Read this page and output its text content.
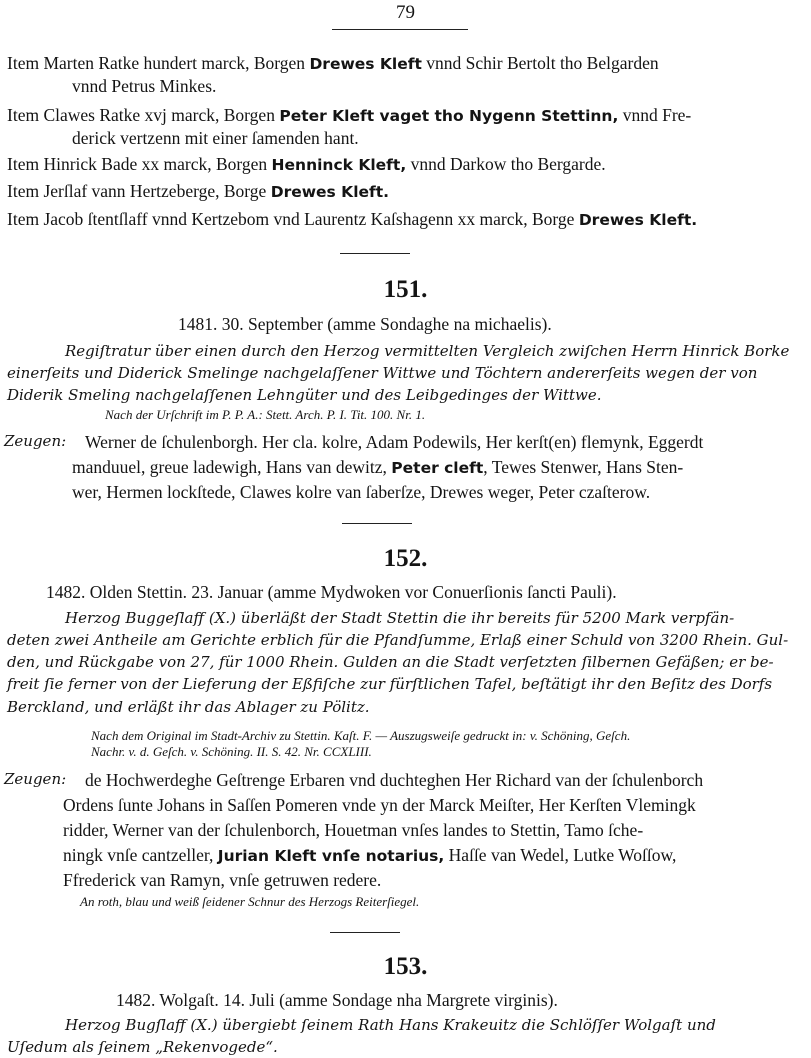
79
Item Marten Ratke hundert marck, Borgen Drewes Kleft vnnd Schir Bertolt tho Belgarden
vnnd Petrus Minkes.
Item Clawes Ratke xvj marck, Borgen Peter Kleft vaget tho Nygenn Stettinn, vnnd Fre-
derick vertzenn mit einer ſamenden hant.
Item Hinrick Bade xx marck, Borgen Henninck Kleft, vnnd Darkow tho Bergarde.
Item Jerſlaf vann Hertzeberge, Borge Drewes Kleft.
Item Jacob ſtentſlaff vnnd Kertzebom vnd Laurentz Kaſshagenn xx marck, Borge Drewes Kleft.
151.
1481. 30. September (amme Sondaghe na michaelis).
Regiſtratur über einen durch den Herzog vermittelten Vergleich zwiſchen Herrn Hinrick Borke
einerſeits und Diderick Smelinge nachgelaſſener Wittwe und Töchtern andererſeits wegen der von
Diderik Smeling nachgelaſſenen Lehngüter und des Leibgedinges der Wittwe.
Nach der Urſchrift im P. P. A.: Stett. Arch. P. I. Tit. 100. Nr. 1.
Zeugen: Werner de ſchulenborgh. Her cla. kolre, Adam Podewils, Her kerſt(en) flemynk, Eggerdt
manduuel, greue ladewigh, Hans van dewitz, Peter cleft, Tewes Stenwer, Hans Sten-
wer, Hermen lockſtede, Clawes kolre van ſaberſze, Drewes weger, Peter czaſterow.
152.
1482. Olden Stettin. 23. Januar (amme Mydwoken vor Conuerſionis ſancti Pauli).
Herzog Buggeſlaff (X.) überläßt der Stadt Stettin die ihr bereits für 5200 Mark verpfän-
deten zwei Antheile am Gerichte erblich für die Pfandſumme, Erlaß einer Schuld von 3200 Rhein. Gul-
den, und Rückgabe von 27, für 1000 Rhein. Gulden an die Stadt verſetzten ſilbernen Gefäßen; er be-
freit ſie ferner von der Lieferung der Eßfiſche zur fürſtlichen Tafel, beſtätigt ihr den Beſitz des Dorfs
Berckland, und erläßt ihr das Ablager zu Pölitz.
Nach dem Original im Stadt-Archiv zu Stettin. Kaſt. F. — Auszugsweiſe gedruckt in: v. Schöning, Geſch.
Nachr. v. d. Geſch. v. Schöning. II. S. 42. Nr. CCXLIII.
Zeugen: de Hochwerdeghe Geſtrenge Erbaren vnd duchteghen Her Richard van der ſchulenborch
Ordens ſunte Johans in Saſſen Pomeren vnde yn der Marck Meiſter, Her Kerſten Vlemingk
ridder, Werner van der ſchulenborch, Houetman vnſes landes to Stettin, Tamo ſche-
ningk vnſe cantzeller, Jurian Kleft vnſe notarius, Haſſe van Wedel, Lutke Woſſow,
Ffrederick van Ramyn, vnſe getruwen redere.
An roth, blau und weiß ſeidener Schnur des Herzogs Reiterſiegel.
153.
1482. Wolgaſt. 14. Juli (amme Sondage nha Margrete virginis).
Herzog Bugſlaff (X.) übergiebt ſeinem Rath Hans Krakeuitz die Schlöſſer Wolgaſt und
Uſedum als ſeinem „Rekenvogede“.
